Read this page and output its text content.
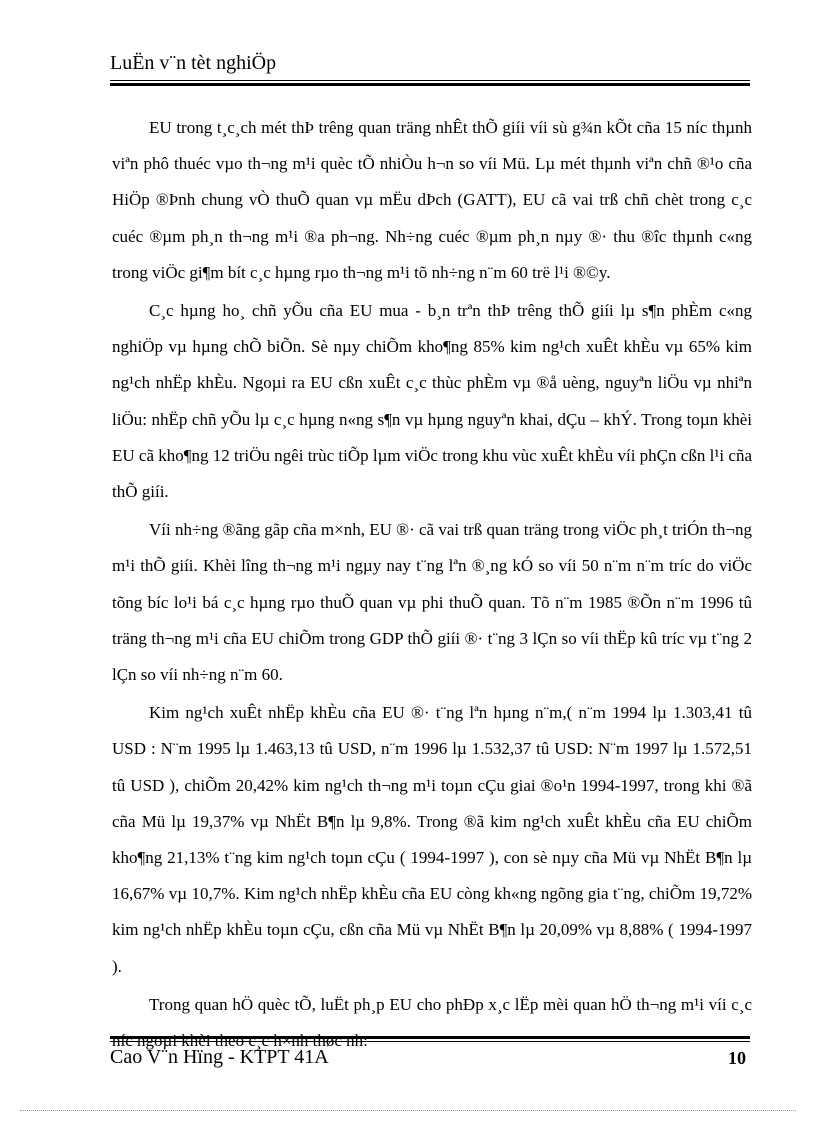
LuËn v¨n tèt nghiÖp

EU trong t¸c¸ch mét thÞ trêng quan träng nhÊt thÕ giíi víi sù g¾n kÕt cña 15 níc thµnh viªn phô thuéc vµo th¬ng m¹i quèc tÕ nhiÒu h¬n so víi Mü. Lµ mét thµnh viªn chñ ®¹o cña HiÖp ®Þnh chung vÒ thuÕ quan vµ mËu dÞch (GATT), EU cã vai trß chñ chèt trong c¸c cuéc ®µm ph¸n th¬ng m¹i ®a ph¬ng. Nh÷ng cuéc ®µm ph¸n nµy ®· thu ®îc thµnh c«ng trong viÖc gi¶m bít c¸c hµng rµo th¬ng m¹i tõ nh÷ng n¨m 60 trë l¹i ®©y.

C¸c hµng ho¸ chñ yÕu cña EU mua - b¸n trªn thÞ trêng thÕ giíi lµ s¶n phÈm c«ng nghiÖp vµ hµng chÕ biÕn. Sè nµy chiÕm kho¶ng 85% kim ng¹ch xuÊt khÈu vµ 65% kim ng¹ch nhËp khÈu. Ngoµi ra EU cßn xuÊt c¸c thùc phÈm vµ ®å uèng, nguyªn liÖu vµ nhiªn liÖu: nhËp chñ yÕu lµ c¸c hµng n«ng s¶n vµ hµng nguyªn khai, dÇu – khÝ. Trong toµn khèi EU cã kho¶ng 12 triÖu ngêi trùc tiÕp lµm viÖc trong khu vùc xuÊt khÈu víi phÇn cßn l¹i cña thÕ giíi.

Víi nh÷ng ®ãng gãp cña m×nh, EU ®· cã vai trß quan träng trong viÖc ph¸t triÓn th¬ng m¹i thÕ giíi. Khèi lîng th¬ng m¹i ngµy nay t¨ng lªn ®¸ng kÓ so víi 50 n¨m n¨m tríc do viÖc tõng bíc lo¹i bá c¸c hµng rµo thuÕ quan vµ phi thuÕ quan. Tõ n¨m 1985 ®Õn n¨m 1996 tû träng th¬ng m¹i cña EU chiÕm trong GDP thÕ giíi ®· t¨ng 3 lÇn so víi thËp kû tríc vµ t¨ng 2 lÇn so víi nh÷ng n¨m 60.

Kim ng¹ch xuÊt nhËp khÈu cña EU ®· t¨ng lªn hµng n¨m,( n¨m 1994 lµ 1.303,41 tû USD : N¨m 1995 lµ 1.463,13 tû USD, n¨m 1996 lµ 1.532,37 tû USD: N¨m 1997 lµ 1.572,51 tû USD ), chiÕm 20,42% kim ng¹ch th¬ng m¹i toµn cÇu giai ®o¹n 1994-1997, trong khi ®ã cña Mü lµ 19,37% vµ NhËt B¶n lµ 9,8%. Trong ®ã kim ng¹ch xuÊt khÈu cña EU chiÕm kho¶ng 21,13% t¨ng kim ng¹ch toµn cÇu ( 1994-1997 ), con sè nµy cña Mü vµ NhËt B¶n lµ 16,67% vµ 10,7%. Kim ng¹ch nhËp khÈu cña EU còng kh«ng ngõng gia t¨ng, chiÕm 19,72% kim ng¹ch nhËp khÈu toµn cÇu, cßn cña Mü vµ NhËt B¶n lµ 20,09% vµ 8,88% ( 1994-1997 ).

Trong quan hÖ quèc tÕ, luËt ph¸p EU cho phÐp x¸c lËp mèi quan hÖ th¬ng m¹i víi c¸c

Cao V¨n Hïng - KTPT 41A	10
